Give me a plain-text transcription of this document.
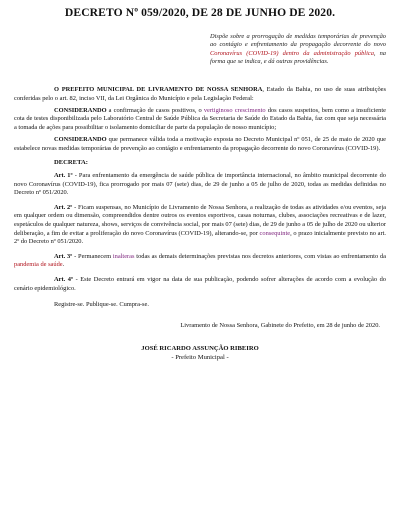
DECRETO Nº 059/2020, DE 28 DE JUNHO DE 2020.
Dispõe sobre a prorrogação de medidas temporárias de prevenção ao contágio e enfrentamento da propagação decorrente do novo Coronavírus (COVID-19) dentro da administração pública, na forma que se indica, e dá outras providências.
O PREFEITO MUNICIPAL DE LIVRAMENTO DE NOSSA SENHORA, Estado da Bahia, no uso de suas atribuições conferidas pelo o art. 82, inciso VII, da Lei Orgânica do Município e pela Legislação Federal:
CONSIDERANDO a confirmação de casos positivos, o vertiginoso crescimento dos casos suspeitos, bem como a insuficiente cota de testes disponibilizada pelo Laboratório Central de Saúde Pública da Secretaria de Saúde do Estado da Bahia, faz com que seja necessária a tomada de ações para possibilitar o isolamento domiciliar de parte da população de nosso município;
CONSIDERANDO que permanece válida toda a motivação exposta no Decreto Municipal nº 051, de 25 de maio de 2020 que estabelece novas medidas temporárias de prevenção ao contágio e enfrentamento da propagação decorrente do novo Coronavírus (COVID-19).
DECRETA:
Art. 1º - Para enfrentamento da emergência de saúde pública de importância internacional, no âmbito municipal decorrente do novo Coronavírus (COVID-19), fica prorrogado por mais 07 (sete) dias, de 29 de junho a 05 de julho de 2020, todas as medidas definidas no Decreto nº 051/2020.
Art. 2º - Ficam suspensas, no Município de Livramento de Nossa Senhora, a realização de todas as atividades e/ou eventos, seja em qualquer ordem ou dimensão, compreendidos dentre outros os eventos esportivos, casas noturnas, clubes, associações recreativas e de lazer, espetáculos de qualquer natureza, shows, serviços de convivência social, por mais 07 (sete) dias, de 29 de junho a 05 de julho de 2020 ou ulterior deliberação, a fim de evitar a proliferação do novo Coronavírus (COVID-19), alterando-se, por consequinte, o prazo inicialmente previsto no art. 2º do Decreto nº 051/2020.
Art. 3º - Permanecem inalteras todas as demais determinações previstas nos decretos anteriores, com vistas ao enfrentamento da pandemia de saúde.
Art. 4º - Este Decreto entrará em vigor na data de sua publicação, podendo sofrer alterações de acordo com a evolução do cenário epidemiológico.
Registre-se. Publique-se. Cumpra-se.
Livramento de Nossa Senhora, Gabinete do Prefeito, em 28 de junho de 2020.
JOSÉ RICARDO ASSUNÇÃO RIBEIRO
- Prefeito Municipal -
